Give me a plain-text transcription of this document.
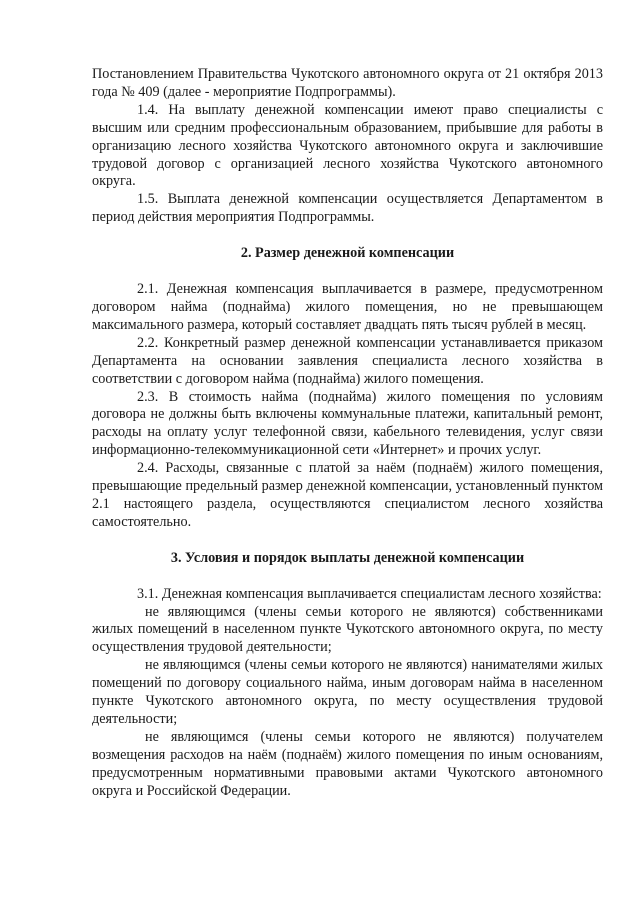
Постановлением Правительства Чукотского автономного округа от 21 октября 2013 года № 409 (далее - мероприятие Подпрограммы).

1.4. На выплату денежной компенсации имеют право специалисты с высшим или средним профессиональным образованием, прибывшие для работы в организацию лесного хозяйства Чукотского автономного округа и заключившие трудовой договор с организацией лесного хозяйства Чукотского автономного округа.

1.5. Выплата денежной компенсации осуществляется Департаментом в период действия мероприятия Подпрограммы.

2. Размер денежной компенсации

2.1. Денежная компенсация выплачивается в размере, предусмотренном договором найма (поднайма) жилого помещения, но не превышающем максимального размера, который составляет двадцать пять тысяч рублей в месяц.

2.2. Конкретный размер денежной компенсации устанавливается приказом Департамента на основании заявления специалиста лесного хозяйства в соответствии с договором найма (поднайма) жилого помещения.

2.3. В стоимость найма (поднайма) жилого помещения по условиям договора не должны быть включены коммунальные платежи, капитальный ремонт, расходы на оплату услуг телефонной связи, кабельного телевидения, услуг связи информационно-телекоммуникационной сети «Интернет» и прочих услуг.

2.4. Расходы, связанные с платой за наём (поднаём) жилого помещения, превышающие предельный размер денежной компенсации, установленный пунктом 2.1 настоящего раздела, осуществляются специалистом лесного хозяйства самостоятельно.

3. Условия и порядок выплаты денежной компенсации

3.1. Денежная компенсация выплачивается специалистам лесного хозяйства:

не являющимся (члены семьи которого не являются) собственниками жилых помещений в населенном пункте Чукотского автономного округа, по месту осуществления трудовой деятельности;

не являющимся (члены семьи которого не являются) нанимателями жилых помещений по договору социального найма, иным договорам найма в населенном пункте Чукотского автономного округа, по месту осуществления трудовой деятельности;

не являющимся (члены семьи которого не являются) получателем возмещения расходов на наём (поднаём) жилого помещения по иным основаниям, предусмотренным нормативными правовыми актами Чукотского автономного округа и Российской Федерации.
